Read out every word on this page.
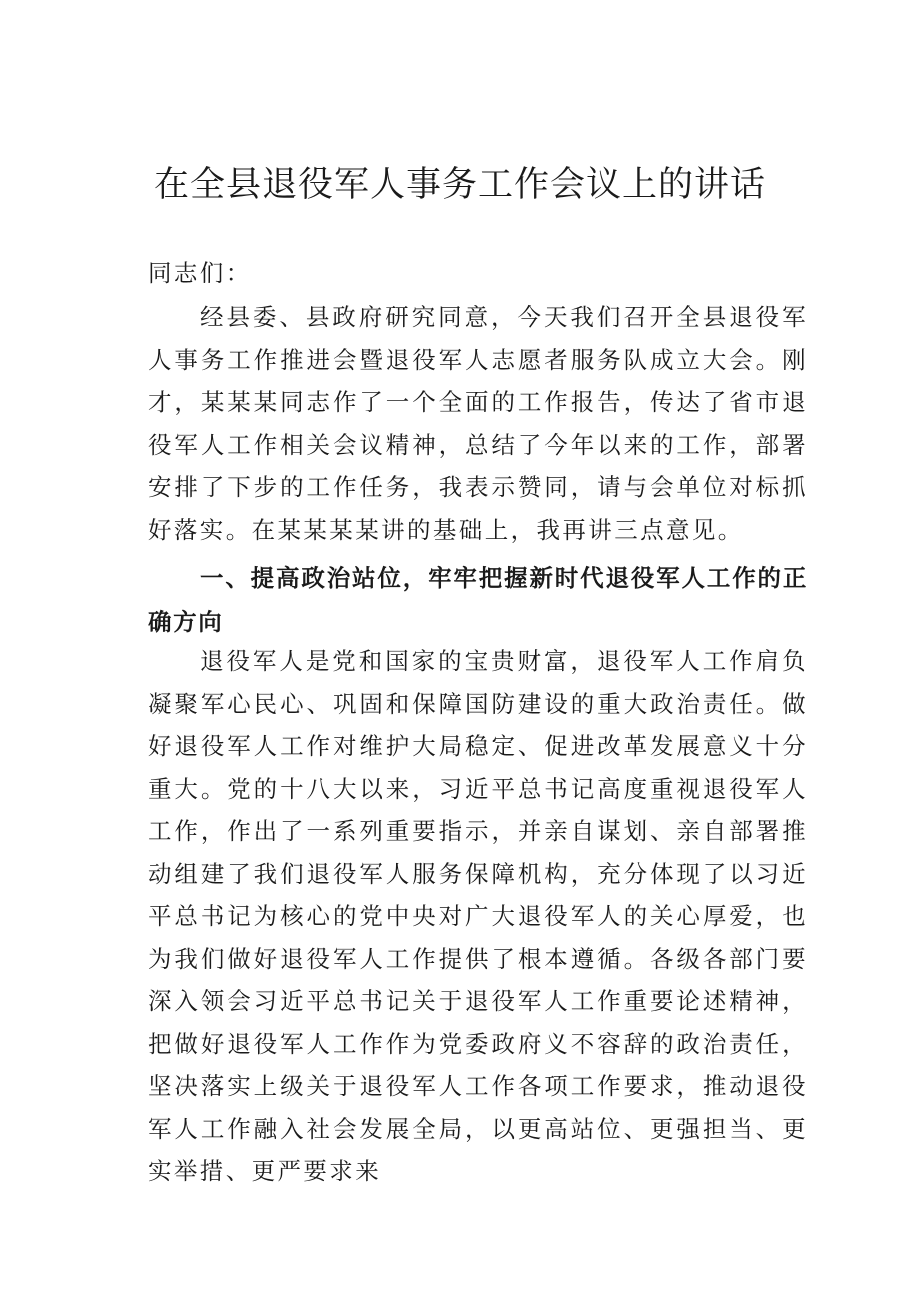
在全县退役军人事务工作会议上的讲话

同志们：

经县委、县政府研究同意，今天我们召开全县退役军人事务工作推进会暨退役军人志愿者服务队成立大会。刚才，某某某同志作了一个全面的工作报告，传达了省市退役军人工作相关会议精神，总结了今年以来的工作，部署安排了下步的工作任务，我表示赞同，请与会单位对标抓好落实。在某某某某讲的基础上，我再讲三点意见。

一、提高政治站位，牢牢把握新时代退役军人工作的正确方向

退役军人是党和国家的宝贵财富，退役军人工作肩负凝聚军心民心、巩固和保障国防建设的重大政治责任。做好退役军人工作对维护大局稳定、促进改革发展意义十分重大。党的十八大以来，习近平总书记高度重视退役军人工作，作出了一系列重要指示，并亲自谋划、亲自部署推动组建了我们退役军人服务保障机构，充分体现了以习近平总书记为核心的党中央对广大退役军人的关心厚爱，也为我们做好退役军人工作提供了根本遵循。各级各部门要深入领会习近平总书记关于退役军人工作重要论述精神，把做好退役军人工作作为党委政府义不容辞的政治责任，坚决落实上级关于退役军人工作各项工作要求，推动退役军人工作融入社会发展全局，以更高站位、更强担当、更实举措、更严要求来
